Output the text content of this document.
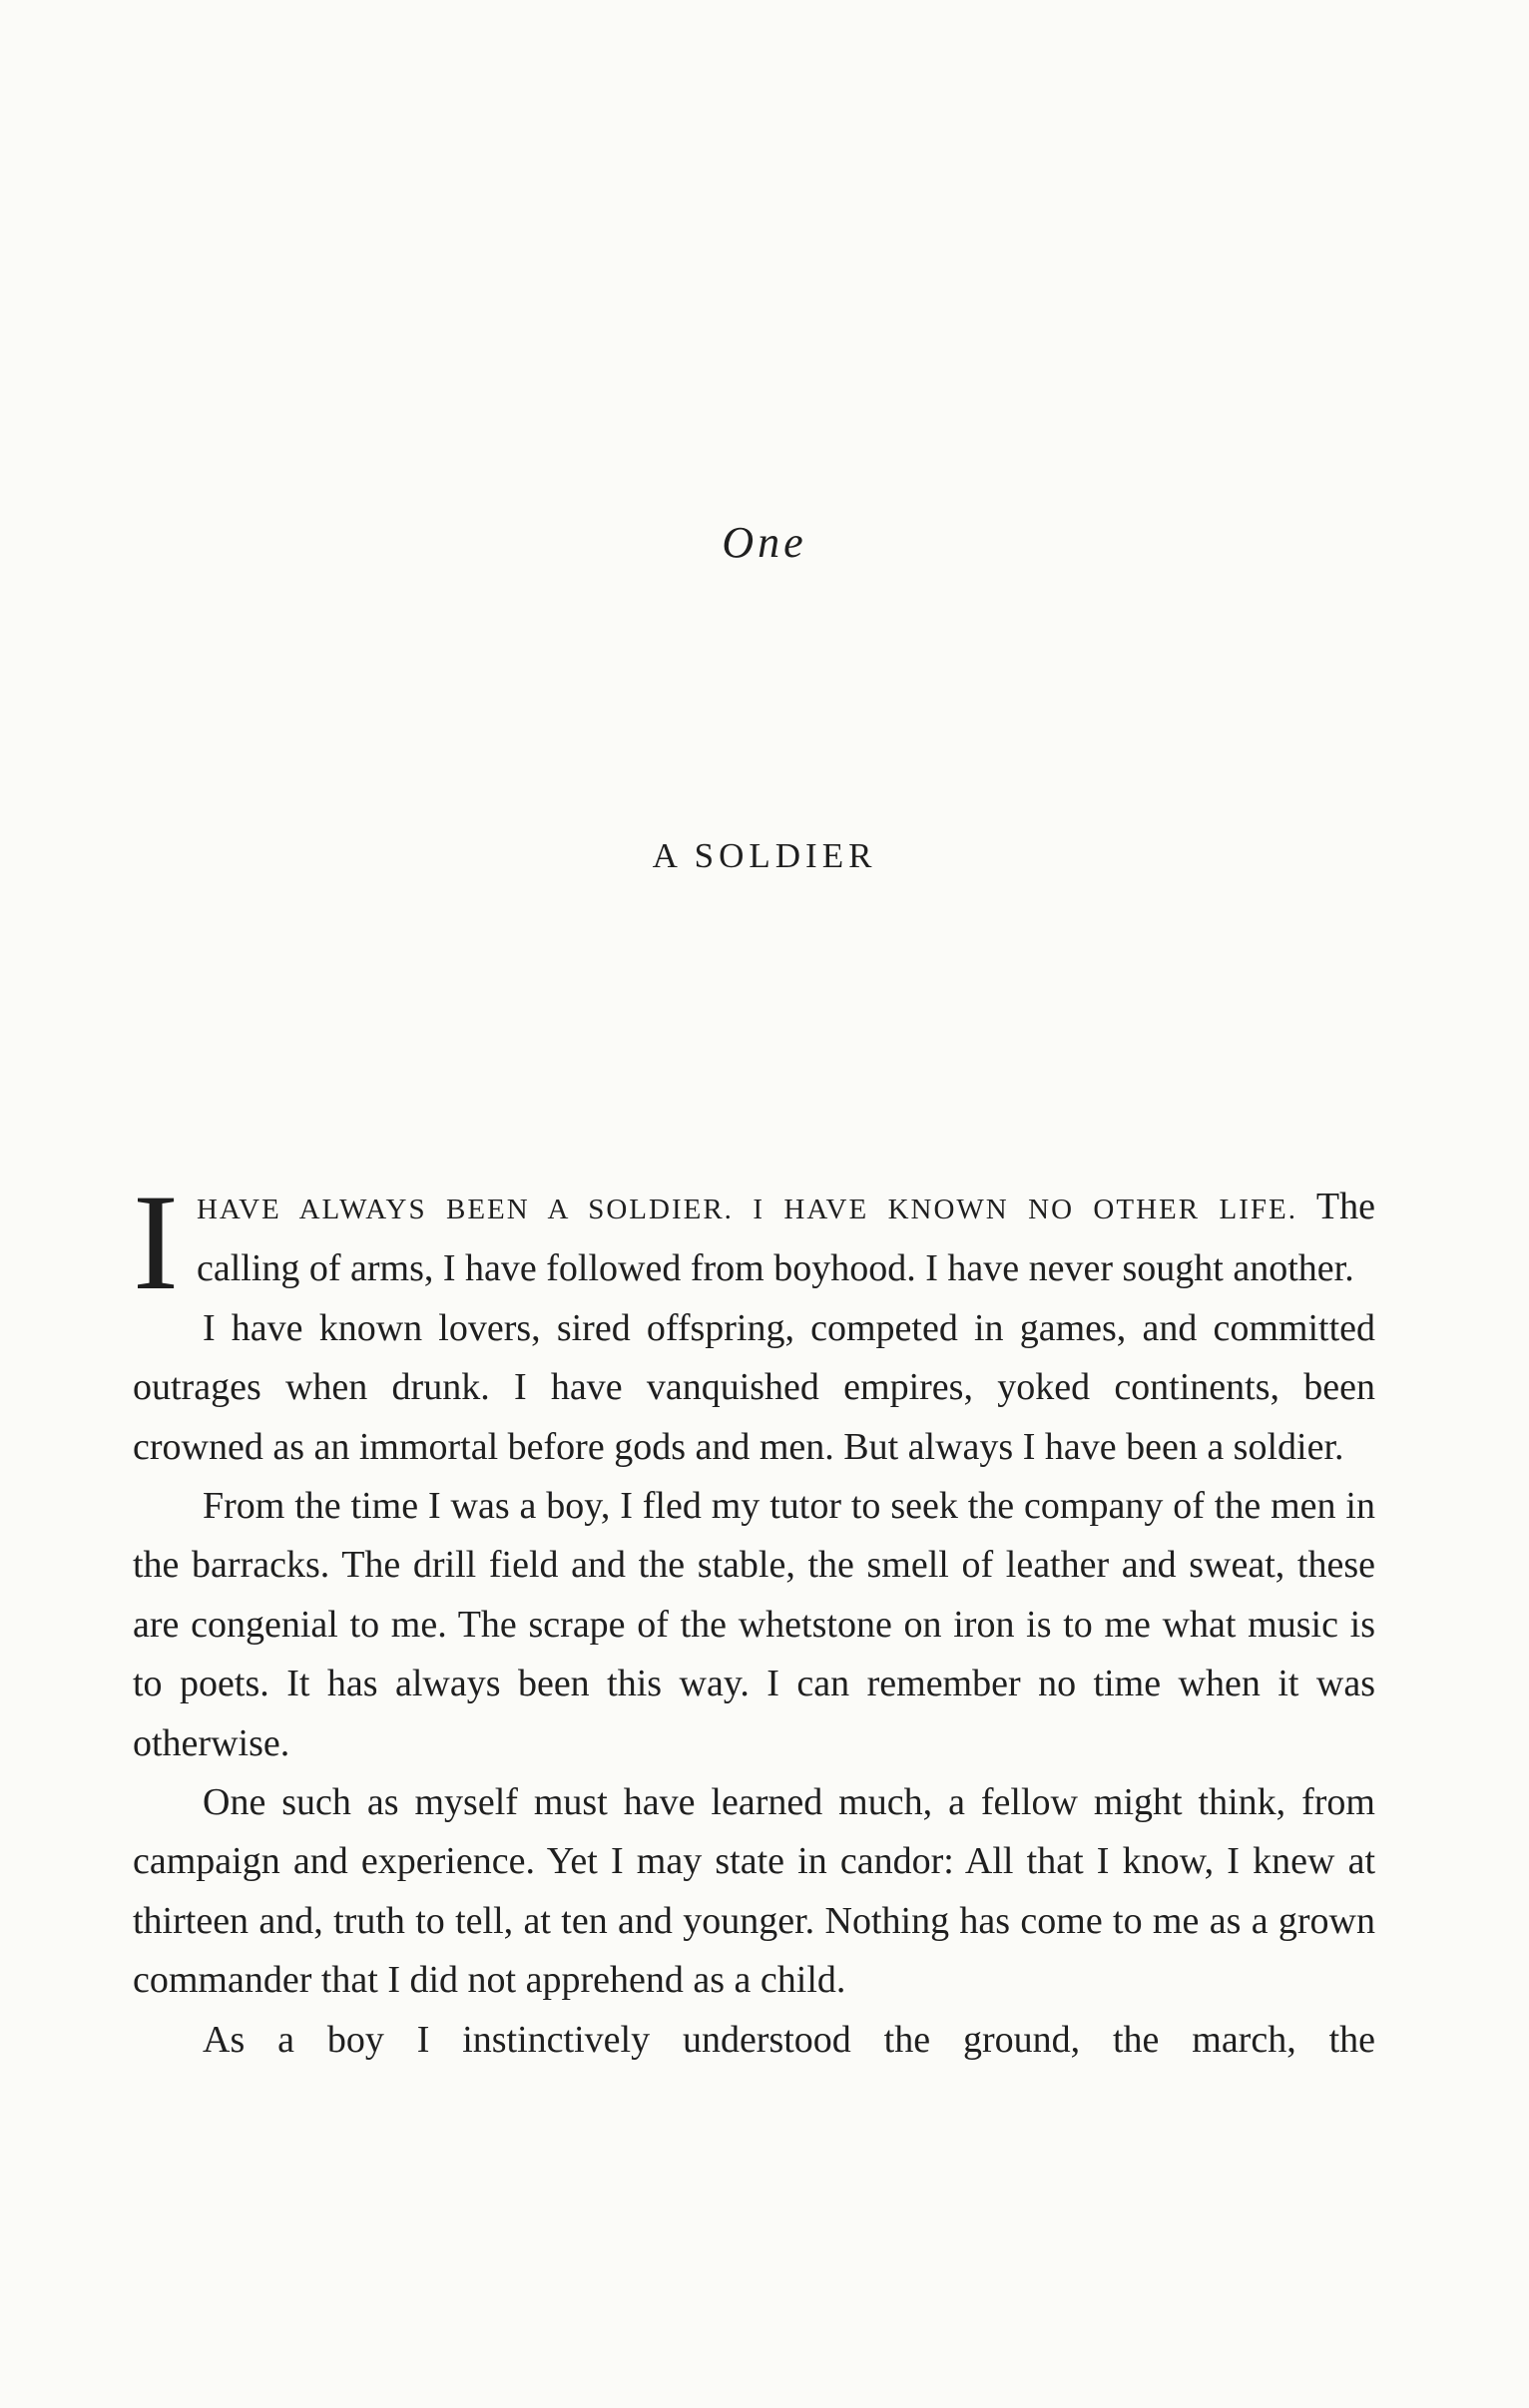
One
A SOLDIER

IHAVE ALWAYS BEEN A SOLDIER. I HAVE KNOWN NO OTHER LIFE. The calling of arms, I have followed from boyhood. I have never sought another.

I have known lovers, sired offspring, competed in games, and committed outrages when drunk. I have vanquished empires, yoked continents, been crowned as an immortal before gods and men. But always I have been a soldier.

From the time I was a boy, I fled my tutor to seek the company of the men in the barracks. The drill field and the stable, the smell of leather and sweat, these are congenial to me. The scrape of the whetstone on iron is to me what music is to poets. It has always been this way. I can remember no time when it was otherwise.

One such as myself must have learned much, a fellow might think, from campaign and experience. Yet I may state in candor: All that I know, I knew at thirteen and, truth to tell, at ten and younger. Nothing has come to me as a grown commander that I did not apprehend as a child.

As a boy I instinctively understood the ground, the march, the
